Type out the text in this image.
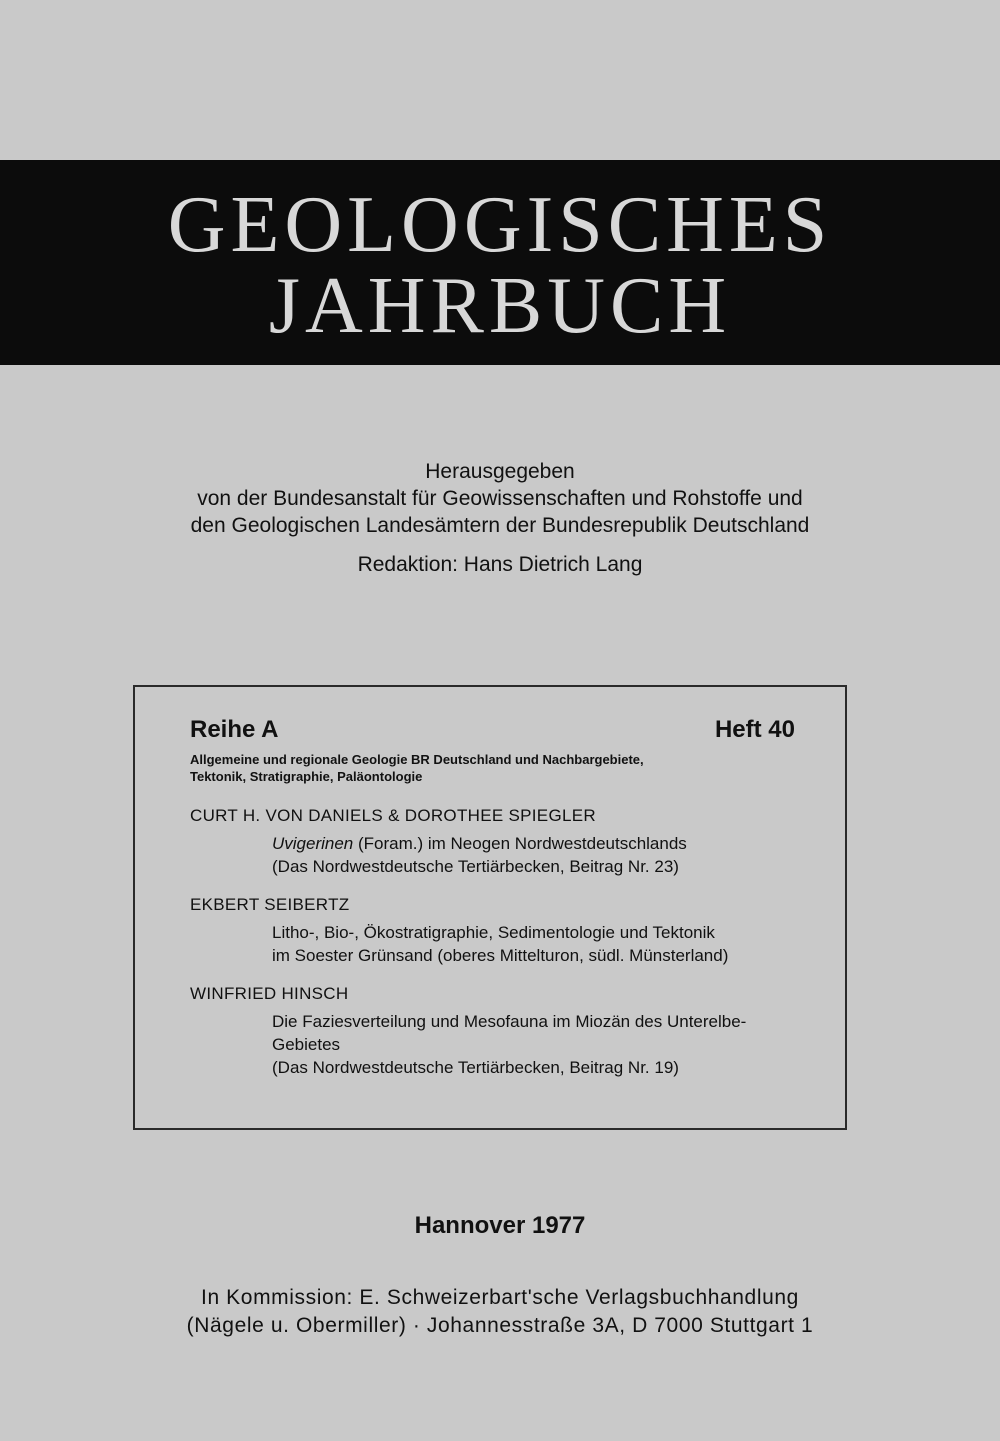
GEOLOGISCHES
JAHRBUCH
Herausgegeben
von der Bundesanstalt für Geowissenschaften und Rohstoffe und
den Geologischen Landesämtern der Bundesrepublik Deutschland
Redaktion: Hans Dietrich Lang
Reihe A	Heft 40
Allgemeine und regionale Geologie BR Deutschland und Nachbargebiete,
Tektonik, Stratigraphie, Paläontologie
CURT H. VON DANIELS & DOROTHEE SPIEGLER
Uvigerinen (Foram.) im Neogen Nordwestdeutschlands
(Das Nordwestdeutsche Tertiärbecken, Beitrag Nr. 23)
EKBERT SEIBERTZ
Litho-, Bio-, Ökostratigraphie, Sedimentologie und Tektonik
im Soester Grünsand (oberes Mittelturon, südl. Münsterland)
WINFRIED HINSCH
Die Faziesverteilung und Mesofauna im Miozän des Unterelbe-
Gebietes
(Das Nordwestdeutsche Tertiärbecken, Beitrag Nr. 19)
Hannover 1977
In Kommission: E. Schweizerbart'sche Verlagsbuchhandlung
(Nägele u. Obermiller) · Johannesstraße 3A, D 7000 Stuttgart 1
